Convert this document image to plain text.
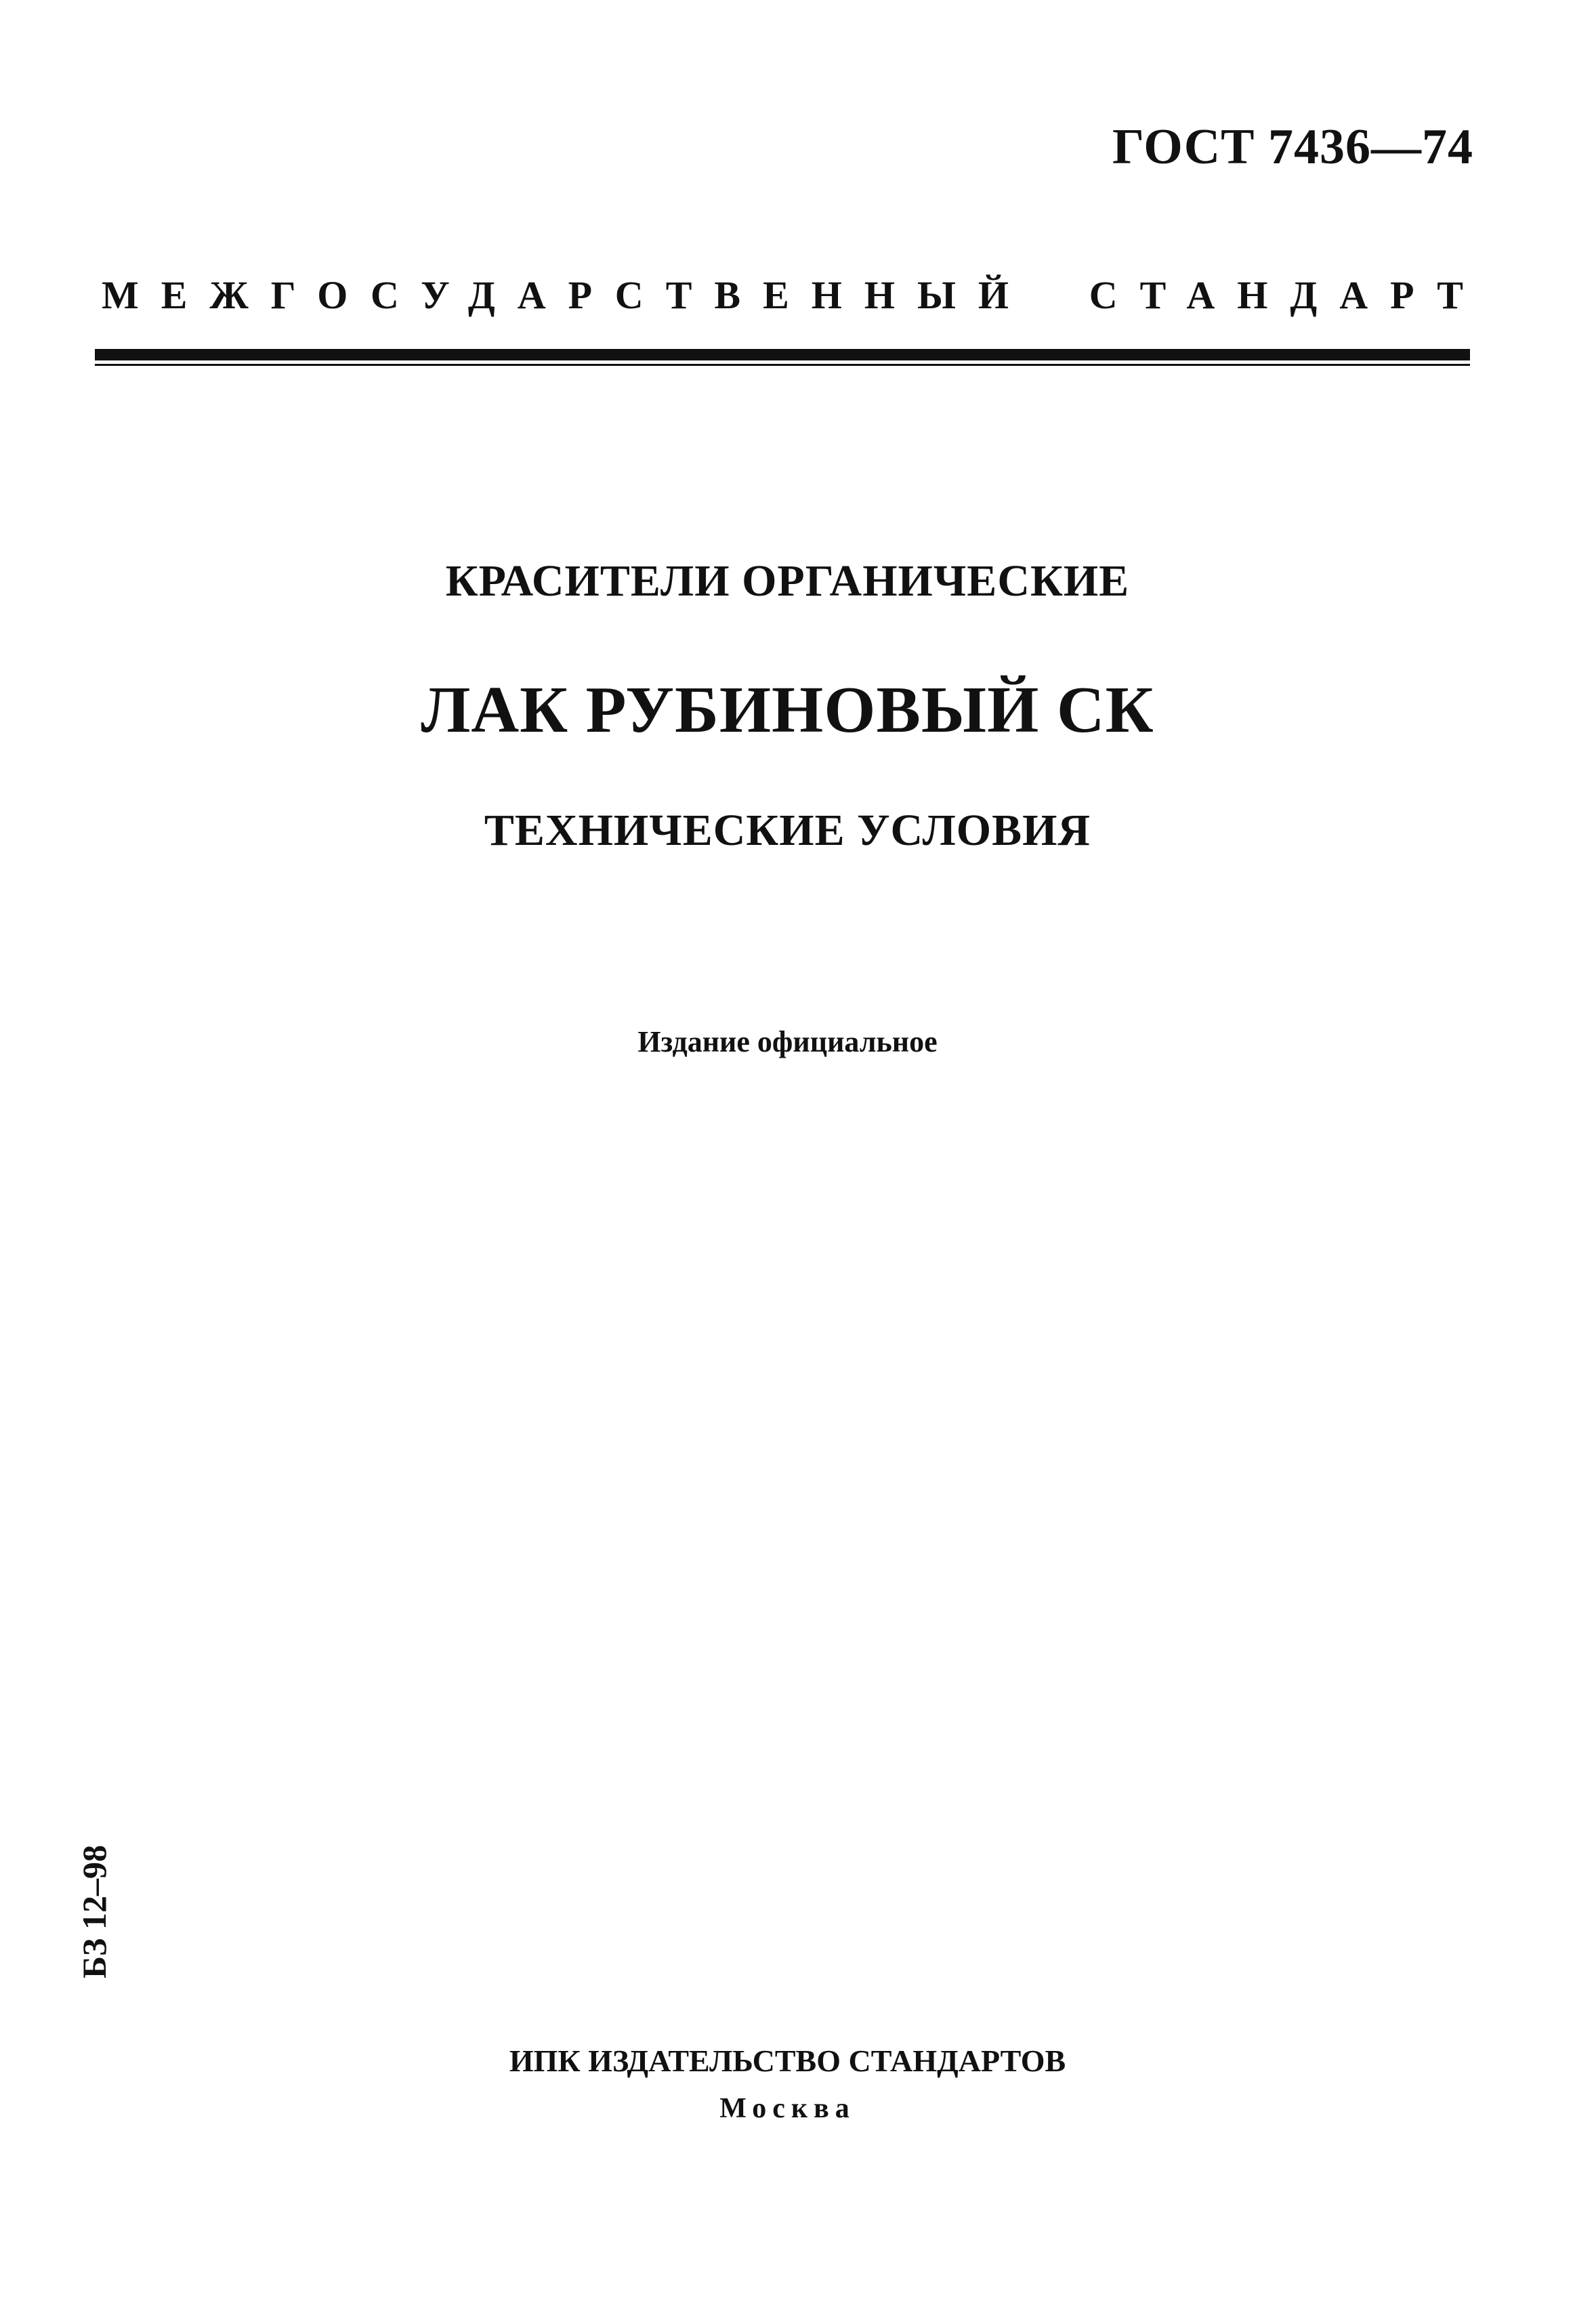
ГОСТ 7436—74
МЕЖГОСУДАРСТВЕННЫЙ СТАНДАРТ
КРАСИТЕЛИ ОРГАНИЧЕСКИЕ
ЛАК РУБИНОВЫЙ СК
ТЕХНИЧЕСКИЕ УСЛОВИЯ
Издание официальное
БЗ 12–98
ИПК ИЗДАТЕЛЬСТВО СТАНДАРТОВ
Москва
